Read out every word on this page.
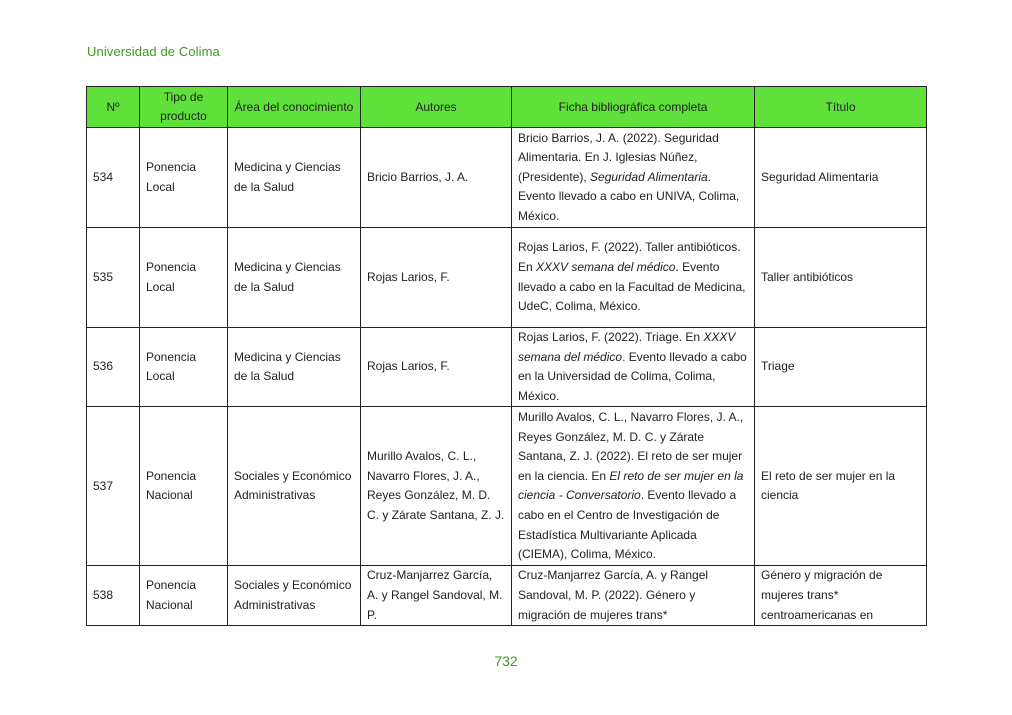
Universidad de Colima
Nº	Tipo de producto	Área del conocimiento	Autores	Ficha bibliográfica completa	Título
534	Ponencia Local	Medicina y Ciencias de la Salud	Bricio Barrios, J. A.	Bricio Barrios, J. A. (2022). Seguridad Alimentaria. En J. Iglesias Núñez, (Presidente), Seguridad Alimentaria. Evento llevado a cabo en UNIVA, Colima, México.	Seguridad Alimentaria
535	Ponencia Local	Medicina y Ciencias de la Salud	Rojas Larios, F.	Rojas Larios, F. (2022). Taller antibióticos. En XXXV semana del médico. Evento llevado a cabo en la Facultad de Medicina, UdeC, Colima, México.	Taller antibióticos
536	Ponencia Local	Medicina y Ciencias de la Salud	Rojas Larios, F.	Rojas Larios, F. (2022). Triage. En XXXV semana del médico. Evento llevado a cabo en la Universidad de Colima, Colima, México.	Triage
537	Ponencia Nacional	Sociales y Económico Administrativas	Murillo Avalos, C. L., Navarro Flores, J. A., Reyes González, M. D. C. y Zárate Santana, Z. J.	Murillo Avalos, C. L., Navarro Flores, J. A., Reyes González, M. D. C. y Zárate Santana, Z. J. (2022). El reto de ser mujer en la ciencia. En El reto de ser mujer en la ciencia - Conversatorio. Evento llevado a cabo en el Centro de Investigación de Estadística Multivariante Aplicada (CIEMA), Colima, México.	El reto de ser mujer en la ciencia
538	Ponencia Nacional	Sociales y Económico Administrativas	Cruz-Manjarrez García, A. y Rangel Sandoval, M. P.	Cruz-Manjarrez García, A. y Rangel Sandoval, M. P. (2022). Género y migración de mujeres trans*	Género y migración de mujeres trans* centroamericanas en
732
